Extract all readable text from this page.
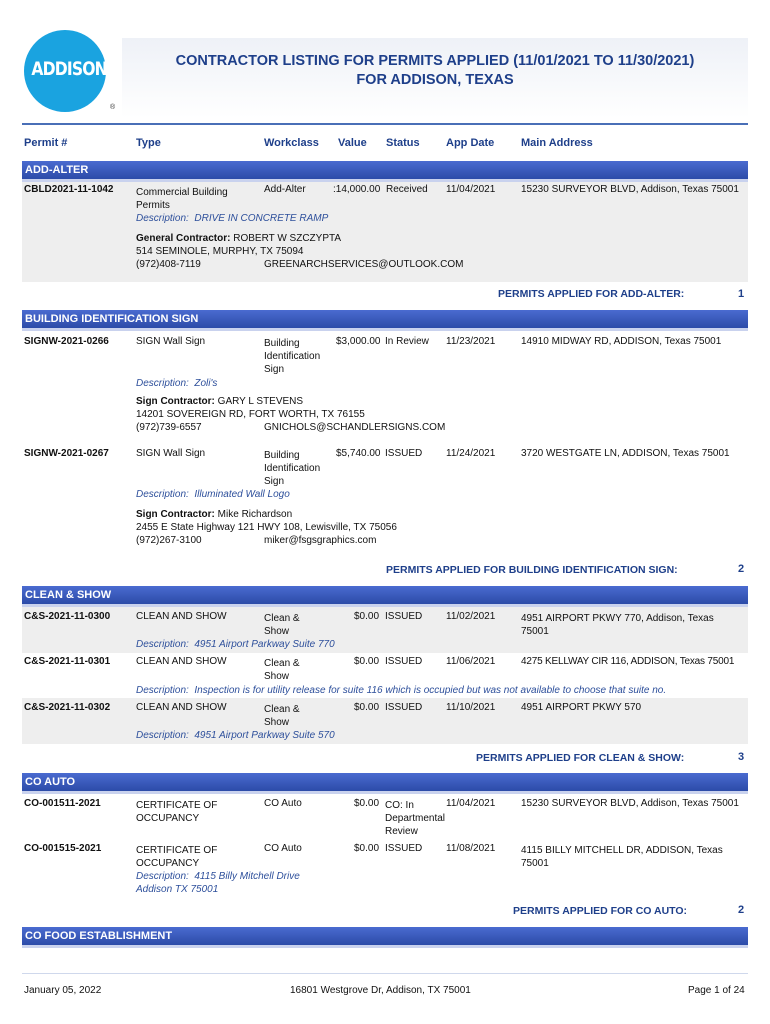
ADDISON
®
CONTRACTOR LISTING FOR PERMITS APPLIED (11/01/2021 TO 11/30/2021)
FOR ADDISON, TEXAS
Permit #	Type	Workclass Value Status App Date Main Address
ADD-ALTER
CBLD2021-11-1042 Commercial Building
Permits
Add-Alter	:14,000.00 Received 11/04/2021	15230 SURVEYOR BLVD, Addison, Texas 75001
Description: DRIVE IN CONCRETE RAMP
General Contractor: ROBERT W SZCZYPTA
514 SEMINOLE, MURPHY, TX 75094
(972)408-7119	GREENARCHSERVICES@OUTLOOK.COM
PERMITS APPLIED FOR ADD-ALTER:	1
BUILDING IDENTIFICATION SIGN
SIGNW-2021-0266	SIGN Wall Sign	Building
Identification
Sign
$3,000.00 In Review 11/23/2021	14910 MIDWAY RD, ADDISON, Texas 75001
Description: Zoli's
Sign Contractor: GARY L STEVENS
14201 SOVEREIGN RD, FORT WORTH, TX 76155
(972)739-6557	GNICHOLS@SCHANDLERSIGNS.COM
SIGNW-2021-0267	SIGN Wall Sign	Building
Identification
Sign
$5,740.00 ISSUED 11/24/2021	3720 WESTGATE LN, ADDISON, Texas 75001
Description: Illuminated Wall Logo
Sign Contractor: Mike Richardson
2455 E State Highway 121 HWY 108, Lewisville, TX 75056
(972)267-3100	miker@fsgsgraphics.com
PERMITS APPLIED FOR BUILDING IDENTIFICATION SIGN:	2
CLEAN & SHOW
C&S-2021-11-0300	CLEAN AND SHOW	Clean &
Show
$0.00 ISSUED 11/02/2021	4951 AIRPORT PKWY 770, Addison, Texas
75001
Description: 4951 Airport Parkway Suite 770
C&S-2021-11-0301	CLEAN AND SHOW	Clean &
Show
$0.00 ISSUED 11/06/2021	4275 KELLWAY CIR 116, ADDISON, Texas 75001
Description: Inspection is for utility release for suite 116 which is occupied but was not available to choose that suite no.
C&S-2021-11-0302	CLEAN AND SHOW	Clean &
Show
$0.00 ISSUED 11/10/2021	4951 AIRPORT PKWY 570
Description: 4951 Airport Parkway Suite 570
PERMITS APPLIED FOR CLEAN & SHOW:	3
CO AUTO
CO-001511-2021	CERTIFICATE OF
OCCUPANCY
CO Auto	$0.00 CO: In
Departmental
Review
11/04/2021	15230 SURVEYOR BLVD, Addison, Texas 75001
CO-001515-2021	CERTIFICATE OF
OCCUPANCY
CO Auto	$0.00 ISSUED 11/08/2021	4115 BILLY MITCHELL DR, ADDISON, Texas
75001
Description: 4115 Billy Mitchell Drive
Addison TX 75001
PERMITS APPLIED FOR CO AUTO:	2
CO FOOD ESTABLISHMENT
January 05, 2022	16801 Westgrove Dr, Addison, TX 75001	Page 1 of 24
